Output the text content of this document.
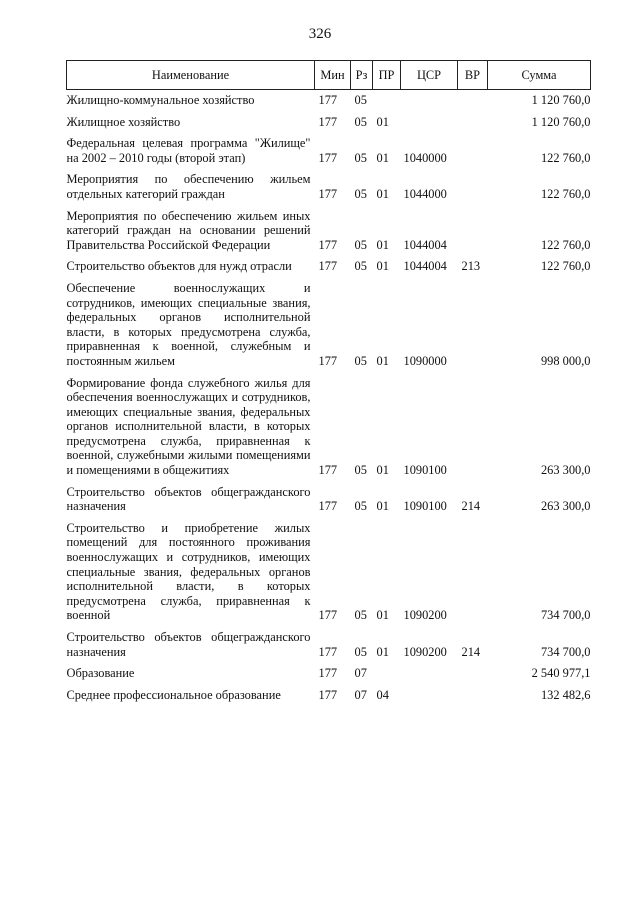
326
Наименование	Мин	Рз	ПР	ЦСР	ВР	Сумма
Жилищно-коммунальное хозяйство	177	05				1 120 760,0
Жилищное хозяйство	177	05	01			1 120 760,0
Федеральная целевая программа "Жилище" на 2002 – 2010 годы (второй этап)	177	05	01	1040000		122 760,0
Мероприятия по обеспечению жильем отдельных категорий граждан	177	05	01	1044000		122 760,0
Мероприятия по обеспечению жильем иных категорий граждан на основании решений Правительства Российской Федерации	177	05	01	1044004		122 760,0
Строительство объектов для нужд отрасли	177	05	01	1044004	213	122 760,0
Обеспечение военнослужащих и сотрудников, имеющих специальные звания, федеральных органов исполнительной власти, в которых предусмотрена служба, приравненная к военной, служебным и постоянным жильем	177	05	01	1090000		998 000,0
Формирование фонда служебного жилья для обеспечения военнослужащих и сотрудников, имеющих специальные звания, федеральных органов исполнительной власти, в которых предусмотрена служба, приравненная к военной, служебными жилыми помещениями и помещениями в общежитиях	177	05	01	1090100		263 300,0
Строительство объектов общегражданского назначения	177	05	01	1090100	214	263 300,0
Строительство и приобретение жилых помещений для постоянного проживания военнослужащих и сотрудников, имеющих специальные звания, федеральных органов исполнительной власти, в которых предусмотрена служба, приравненная к военной	177	05	01	1090200		734 700,0
Строительство объектов общегражданского назначения	177	05	01	1090200	214	734 700,0
Образование	177	07				2 540 977,1
Среднее профессиональное образование	177	07	04			132 482,6
